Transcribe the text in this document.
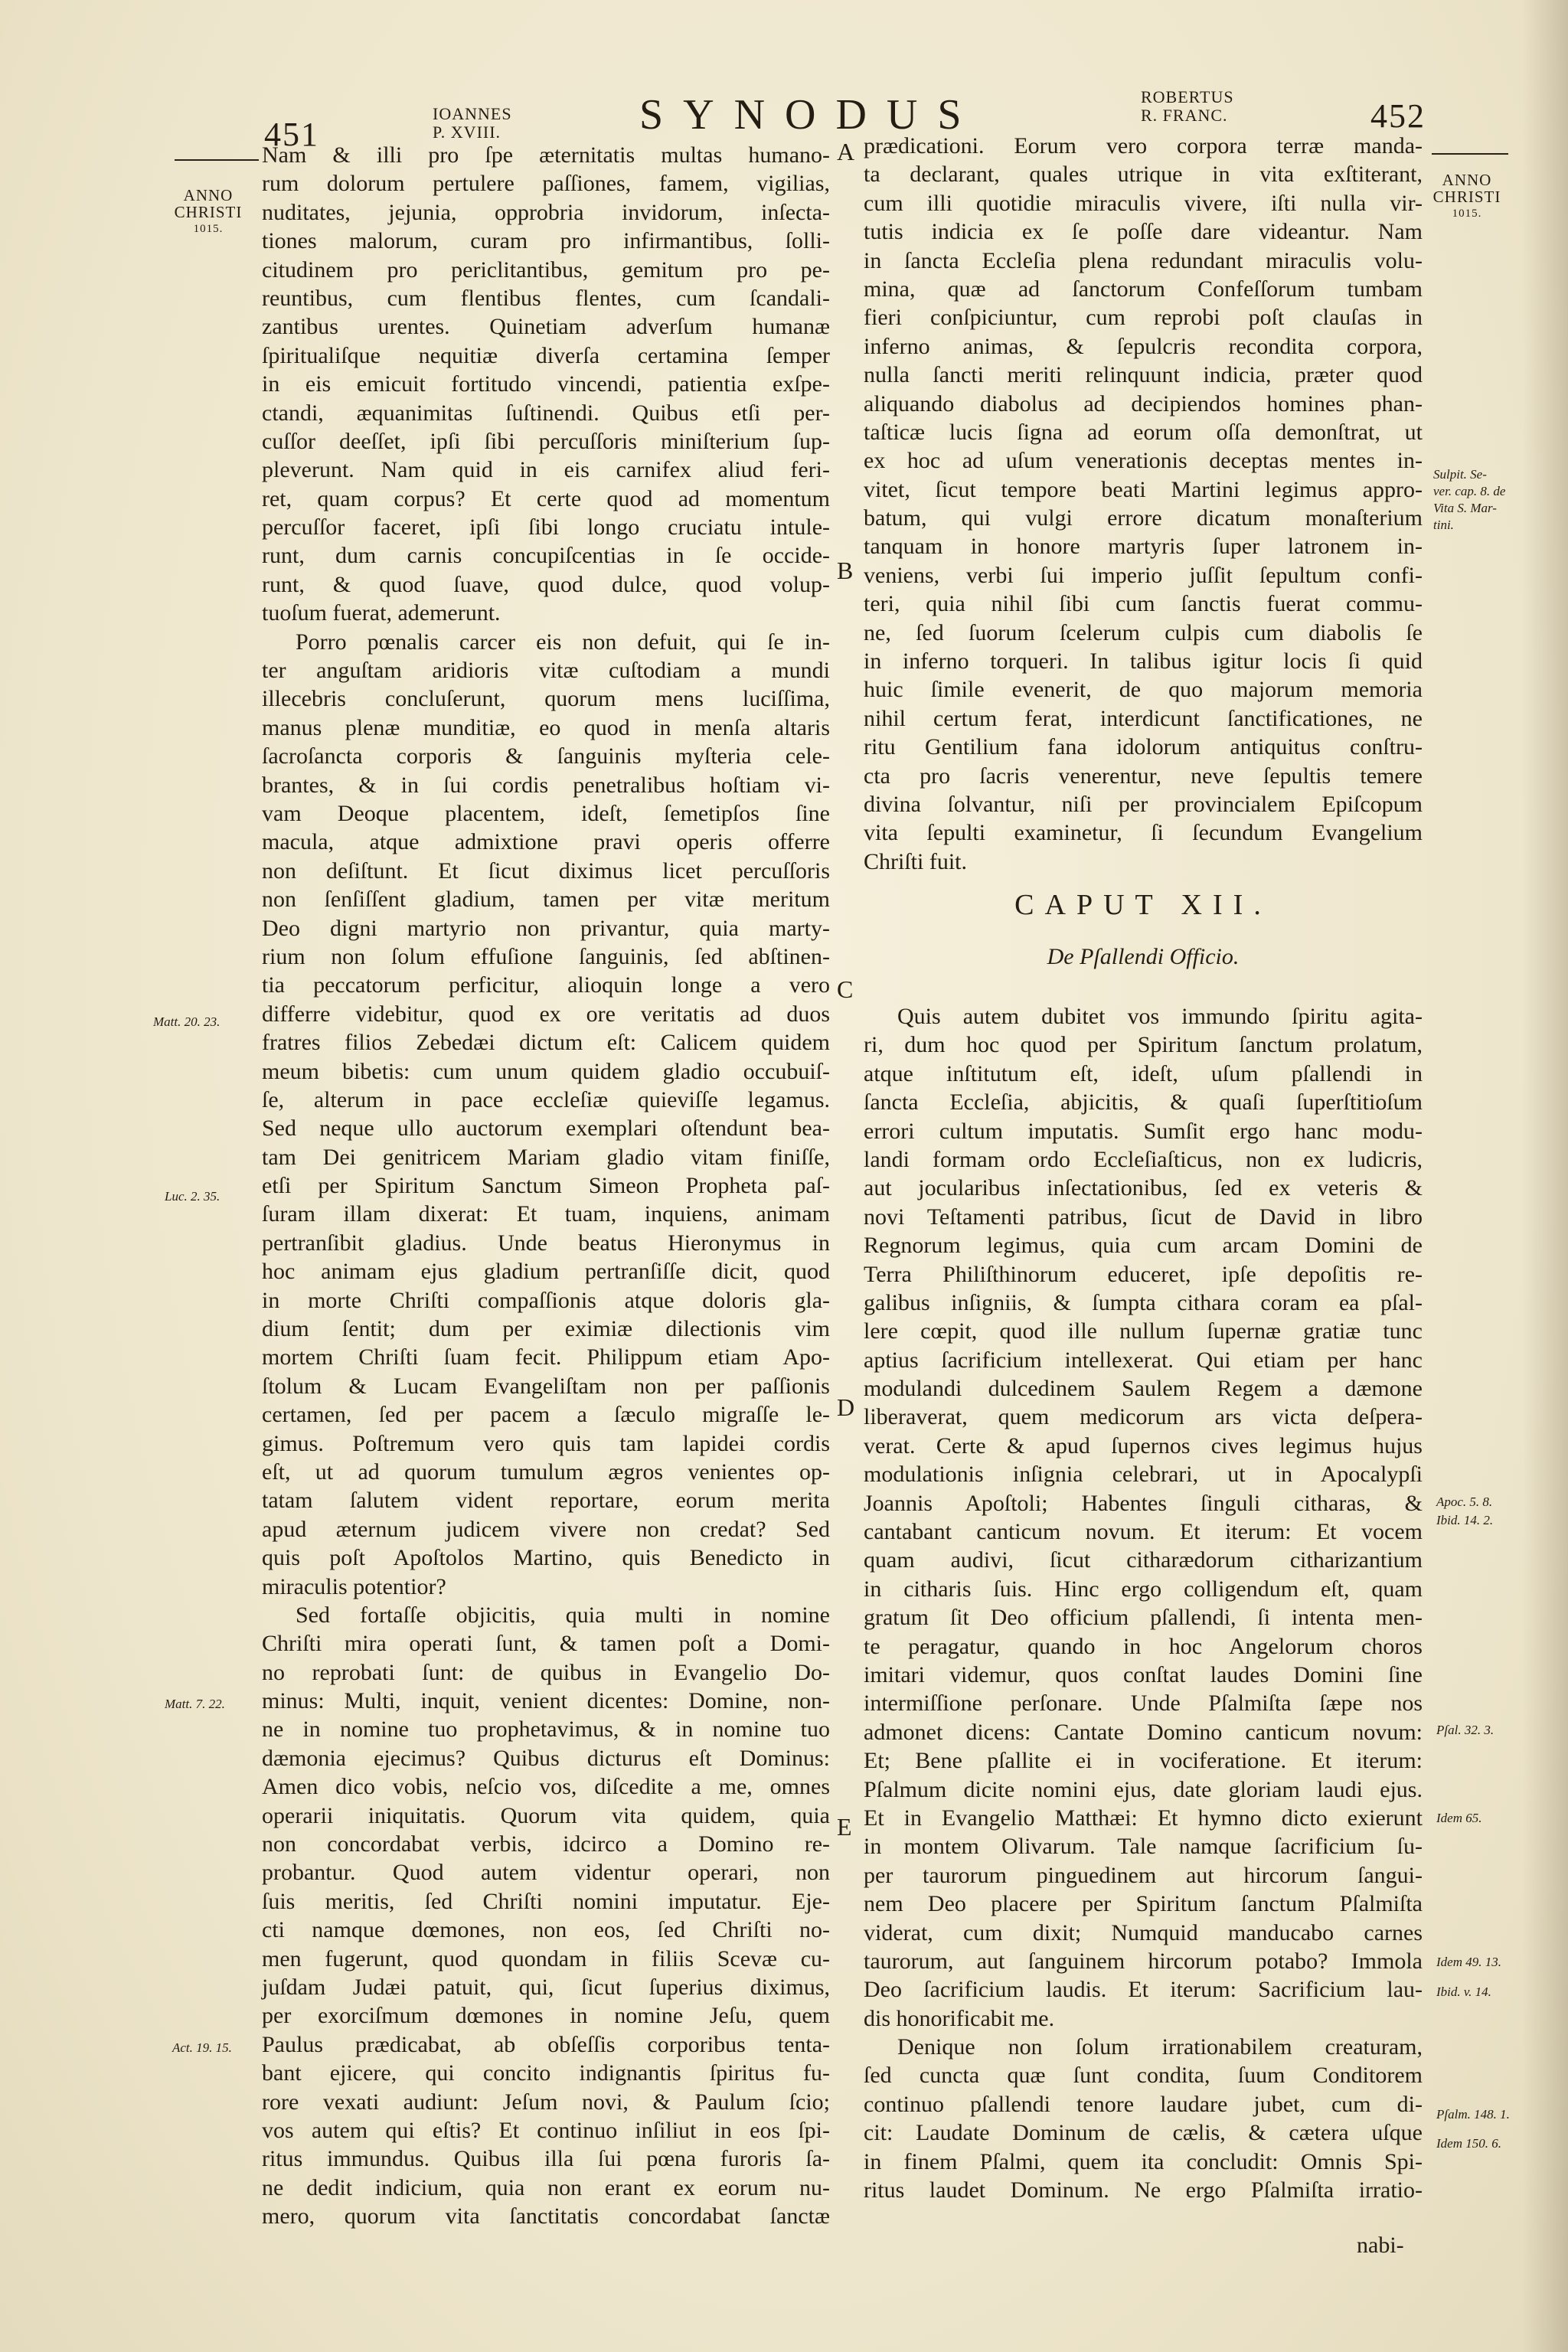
451
IOANNES
P. XVIII.	SYNODUS	ROBERTUS
R. FRANC.	452
ANNO
CHRISTI
1015.
ANNO
CHRISTI
1015.
A
B
C
D
E
Nam & illi pro ſpe æternitatis multas humano-
rum dolorum pertulere paſſiones, famem, vigilias,
nuditates, jejunia, opprobria invidorum, inſecta-
tiones malorum, curam pro infirmantibus, ſolli-
citudinem pro periclitantibus, gemitum pro pe-
reuntibus, cum flentibus flentes, cum ſcandali-
zantibus urentes. Quinetiam adverſum humanæ
ſpiritualiſque nequitiæ diverſa certamina ſemper
in eis emicuit fortitudo vincendi, patientia exſpe-
ctandi, æquanimitas ſuſtinendi. Quibus etſi per-
cuſſor deeſſet, ipſi ſibi percuſſoris miniſterium ſup-
pleverunt. Nam quid in eis carnifex aliud feri-
ret, quam corpus? Et certe quod ad momentum
percuſſor faceret, ipſi ſibi longo cruciatu intule-
runt, dum carnis concupiſcentias in ſe occide-
runt, & quod ſuave, quod dulce, quod volup-
tuoſum fuerat, ademerunt.
Porro pœnalis carcer eis non defuit, qui ſe in-
ter anguſtam aridioris vitæ cuſtodiam a mundi
illecebris concluſerunt, quorum mens luciſſima,
manus plenæ munditiæ, eo quod in menſa altaris
ſacroſancta corporis & ſanguinis myſteria cele-
brantes, & in ſui cordis penetralibus hoſtiam vi-
vam Deoque placentem, ideſt, ſemetipſos ſine
macula, atque admixtione pravi operis offerre
non deſiſtunt. Et ſicut diximus licet percuſſoris
non ſenſiſſent gladium, tamen per vitæ meritum
Deo digni martyrio non privantur, quia marty-
rium non ſolum effuſione ſanguinis, ſed abſtinen-
tia peccatorum perficitur, alioquin longe a vero
differre videbitur, quod ex ore veritatis ad duos
fratres filios Zebedæi dictum eſt: Calicem quidem
meum bibetis: cum unum quidem gladio occubuiſ-
ſe, alterum in pace eccleſiæ quieviſſe legamus.
Sed neque ullo auctorum exemplari oſtendunt bea-
tam Dei genitricem Mariam gladio vitam finiſſe,
etſi per Spiritum Sanctum Simeon Propheta paſ-
ſuram illam dixerat: Et tuam, inquiens, animam
pertranſibit gladius. Unde beatus Hieronymus in
hoc animam ejus gladium pertranſiſſe dicit, quod
in morte Chriſti compaſſionis atque doloris gla-
dium ſentit; dum per eximiæ dilectionis vim
mortem Chriſti ſuam fecit. Philippum etiam Apo-
ſtolum & Lucam Evangeliſtam non per paſſionis
certamen, ſed per pacem a ſæculo migraſſe le-
gimus. Poſtremum vero quis tam lapidei cordis
eſt, ut ad quorum tumulum ægros venientes op-
tatam ſalutem vident reportare, eorum merita
apud æternum judicem vivere non credat? Sed
quis poſt Apoſtolos Martino, quis Benedicto in
miraculis potentior?
Sed fortaſſe objicitis, quia multi in nomine
Chriſti mira operati ſunt, & tamen poſt a Domi-
no reprobati ſunt: de quibus in Evangelio Do-
minus: Multi, inquit, venient dicentes: Domine, non-
ne in nomine tuo prophetavimus, & in nomine tuo
dæmonia ejecimus? Quibus dicturus eſt Dominus:
Amen dico vobis, neſcio vos, diſcedite a me, omnes
operarii iniquitatis. Quorum vita quidem, quia
non concordabat verbis, idcirco a Domino re-
probantur. Quod autem videntur operari, non
ſuis meritis, ſed Chriſti nomini imputatur. Eje-
cti namque dœmones, non eos, ſed Chriſti no-
men fugerunt, quod quondam in filiis Scevæ cu-
juſdam Judæi patuit, qui, ſicut ſuperius diximus,
per exorciſmum dœmones in nomine Jeſu, quem
Paulus prædicabat, ab obſeſſis corporibus tenta-
bant ejicere, qui concito indignantis ſpiritus fu-
rore vexati audiunt: Jeſum novi, & Paulum ſcio;
vos autem qui eſtis? Et continuo inſiliut in eos ſpi-
ritus immundus. Quibus illa ſui pœna furoris ſa-
ne dedit indicium, quia non erant ex eorum nu-
mero, quorum vita ſanctitatis concordabat ſanctæ
prædicationi. Eorum vero corpora terræ manda-
ta declarant, quales utrique in vita exſtiterant,
cum illi quotidie miraculis vivere, iſti nulla vir-
tutis indicia ex ſe poſſe dare videantur. Nam
in ſancta Eccleſia plena redundant miraculis volu-
mina, quæ ad ſanctorum Confeſſorum tumbam
fieri conſpiciuntur, cum reprobi poſt clauſas in
inferno animas, & ſepulcris recondita corpora,
nulla ſancti meriti relinquunt indicia, præter quod
aliquando diabolus ad decipiendos homines phan-
taſticæ lucis ſigna ad eorum oſſa demonſtrat, ut
ex hoc ad uſum venerationis deceptas mentes in-
vitet, ſicut tempore beati Martini legimus appro-
batum, qui vulgi errore dicatum monaſterium
tanquam in honore martyris ſuper latronem in-
veniens, verbi ſui imperio juſſit ſepultum confi-
teri, quia nihil ſibi cum ſanctis fuerat commu-
ne, ſed ſuorum ſcelerum culpis cum diabolis ſe
in inferno torqueri. In talibus igitur locis ſi quid
huic ſimile evenerit, de quo majorum memoria
nihil certum ferat, interdicunt ſanctificationes, ne
ritu Gentilium fana idolorum antiquitus conſtru-
cta pro ſacris venerentur, neve ſepultis temere
divina ſolvantur, niſi per provincialem Epiſcopum
vita ſepulti examinetur, ſi ſecundum Evangelium
Chriſti fuit.
CAPUT XII.
De Pſallendi Officio.
Quis autem dubitet vos immundo ſpiritu agita-
ri, dum hoc quod per Spiritum ſanctum prolatum,
atque inſtitutum eſt, ideſt, uſum pſallendi in
ſancta Eccleſia, abjicitis, & quaſi ſuperſtitioſum
errori cultum imputatis. Sumſit ergo hanc modu-
landi formam ordo Eccleſiaſticus, non ex ludicris,
aut jocularibus inſectationibus, ſed ex veteris &
novi Teſtamenti patribus, ſicut de David in libro
Regnorum legimus, quia cum arcam Domini de
Terra Philiſthinorum educeret, ipſe depoſitis re-
galibus inſigniis, & ſumpta cithara coram ea pſal-
lere cœpit, quod ille nullum ſupernæ gratiæ tunc
aptius ſacrificium intellexerat. Qui etiam per hanc
modulandi dulcedinem Saulem Regem a dæmone
liberaverat, quem medicorum ars victa deſpera-
verat. Certe & apud ſupernos cives legimus hujus
modulationis inſignia celebrari, ut in Apocalypſi
Joannis Apoſtoli; Habentes ſinguli citharas, &
cantabant canticum novum. Et iterum: Et vocem
quam audivi, ſicut citharædorum citharizantium
in citharis ſuis. Hinc ergo colligendum eſt, quam
gratum ſit Deo officium pſallendi, ſi intenta men-
te peragatur, quando in hoc Angelorum choros
imitari videmur, quos conſtat laudes Domini ſine
intermiſſione perſonare. Unde Pſalmiſta ſæpe nos
admonet dicens: Cantate Domino canticum novum:
Et; Bene pſallite ei in vociferatione. Et iterum:
Pſalmum dicite nomini ejus, date gloriam laudi ejus.
Et in Evangelio Matthæi: Et hymno dicto exierunt
in montem Olivarum. Tale namque ſacrificium ſu-
per taurorum pinguedinem aut hircorum ſangui-
nem Deo placere per Spiritum ſanctum Pſalmiſta
viderat, cum dixit; Numquid manducabo carnes
taurorum, aut ſanguinem hircorum potabo? Immola
Deo ſacrificium laudis. Et iterum: Sacrificium lau-
dis honorificabit me.
Denique non ſolum irrationabilem creaturam,
ſed cuncta quæ ſunt condita, ſuum Conditorem
continuo pſallendi tenore laudare jubet, cum di-
cit: Laudate Dominum de cælis, & cætera uſque
in finem Pſalmi, quem ita concludit: Omnis Spi-
ritus laudet Dominum. Ne ergo Pſalmiſta irratio-
nabi-
Matt. 20. 23.
Luc. 2. 35.
Matt. 7. 22.
Act. 19. 15.
Sulpit. Se-
ver. cap. 8. de
Vita S. Mar-
tini.
Apoc. 5. 8.
Ibid. 14. 2.
Pſal. 32. 3.
Idem 65.
Idem 49. 13.
Ibid. v. 14.
Pſalm. 148. 1.
Idem 150. 6.
